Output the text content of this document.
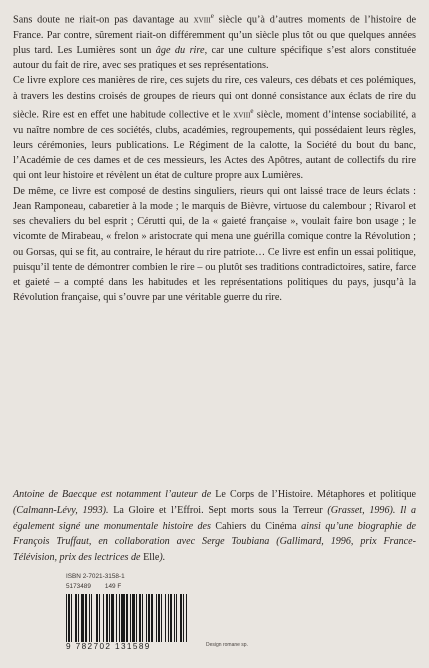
Sans doute ne riait-on pas davantage au xviii$^e$ siècle qu’à d’autres moments de l’histoire de France. Par contre, sûrement riait-on différemment qu’un siècle plus tôt ou que quelques années plus tard. Les Lumières sont un âge du rire, car une culture spécifique s’est alors constituée autour du fait de rire, avec ses pratiques et ses représentations.

Ce livre explore ces manières de rire, ces sujets du rire, ces valeurs, ces débats et ces polémiques, à travers les destins croisés de groupes de rieurs qui ont donné consistance aux éclats de rire du siècle. Rire est en effet une habitude collective et le xviii$^e$ siècle, moment d’intense sociabilité, a vu naître nombre de ces sociétés, clubs, académies, regroupements, qui possédaient leurs règles, leurs cérémonies, leurs publications. Le Régiment de la calotte, la Société du bout du banc, l’Académie de ces dames et de ces messieurs, les Actes des Apôtres, autant de collectifs du rire qui ont leur histoire et révèlent un état de culture propre aux Lumières.

De même, ce livre est composé de destins singuliers, rieurs qui ont laissé trace de leurs éclats : Jean Ramponeau, cabaretier à la mode ; le marquis de Bièvre, virtuose du calembour ; Rivarol et ses chevaliers du bel esprit ; Cérutti qui, de la « gaieté française », voulait faire bon usage ; le vicomte de Mirabeau, « frelon » aristocrate qui mena une guérilla comique contre la Révolution ; ou Gorsas, qui se fit, au contraire, le héraut du rire patriote… Ce livre est enfin un essai politique, puisqu’il tente de démontrer combien le rire – ou plutôt ses traditions contradictoires, satire, farce et gaieté – a compté dans les habitudes et les représentations politiques du pays, jusqu’à la Révolution française, qui s’ouvre par une véritable guerre du rire.

Antoine de Baecque est notamment l’auteur de Le Corps de l’Histoire. Métaphores et politique (Calmann-Lévy, 1993). La Gloire et l’Effroi. Sept morts sous la Terreur (Grasset, 1996). Il a également signé une monumentale histoire des Cahiers du Cinéma ainsi qu’une biographie de François Truffaut, en collaboration avec Serge Toubiana (Gallimard, 1996, prix France-Télévision, prix des lectrices de Elle).
ISBN 2-7021-3158-1
5173489 149 F
9 782702 131589	Design romane sp.
